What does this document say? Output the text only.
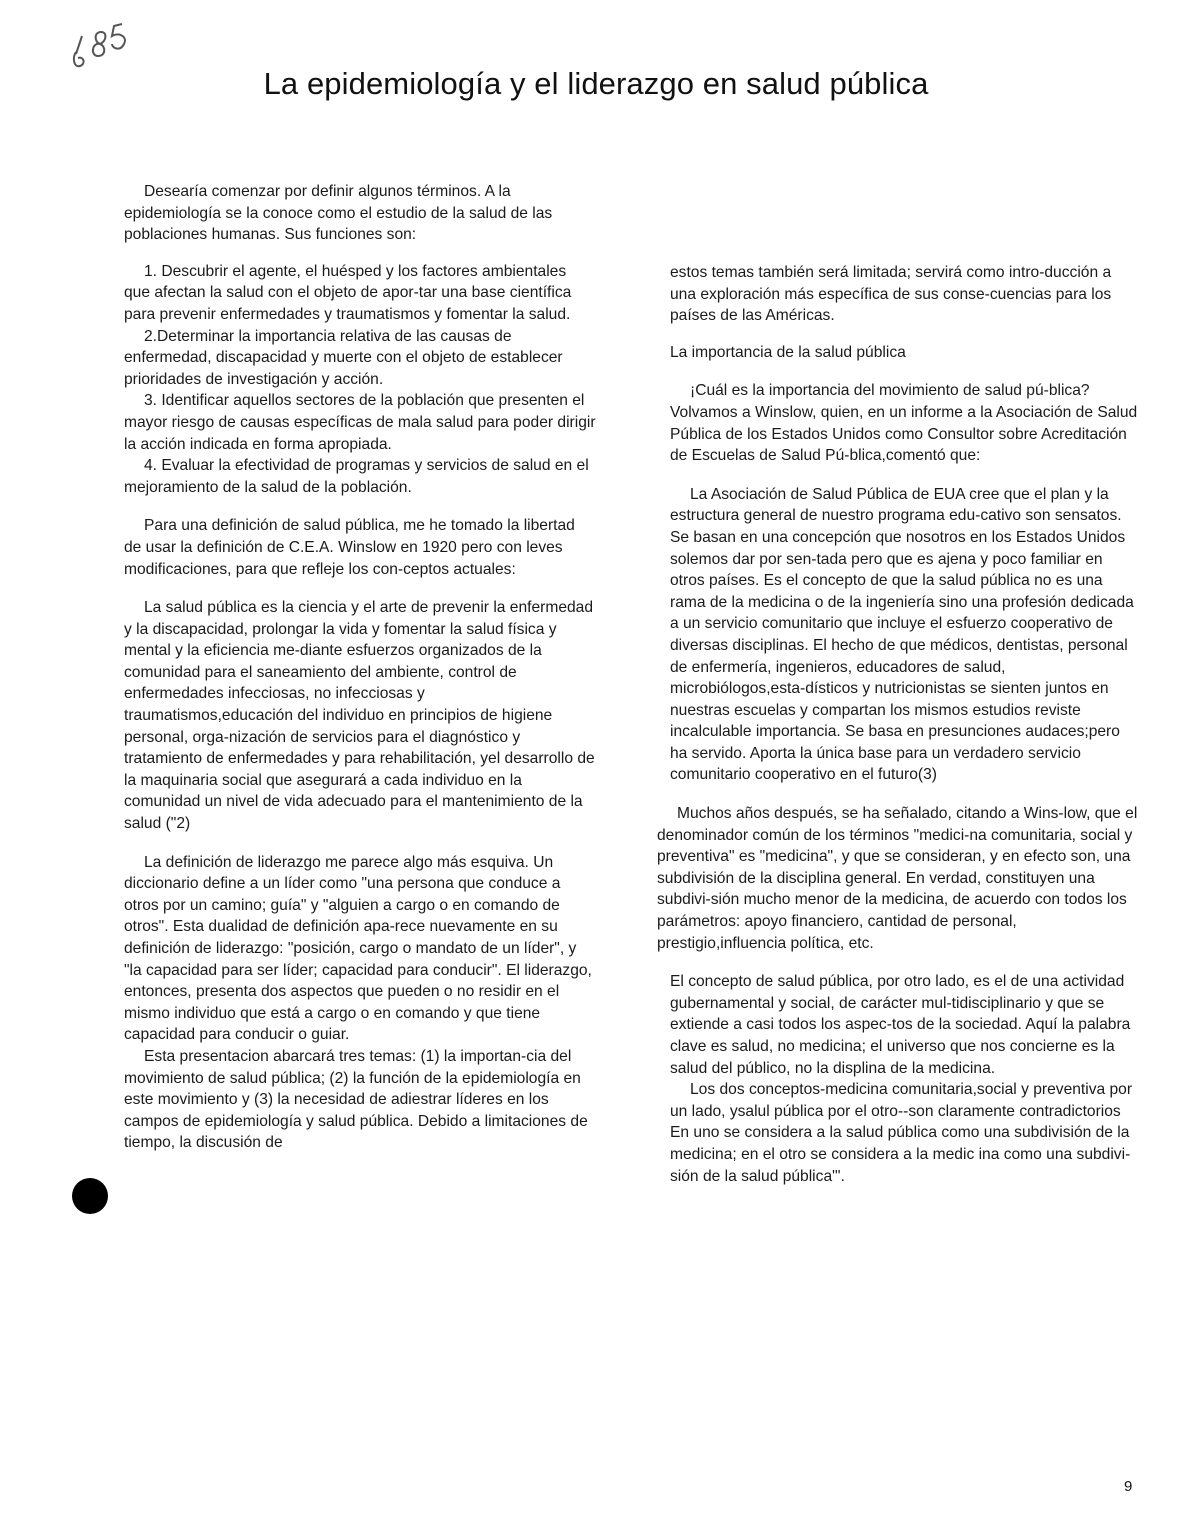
La epidemiología y el liderazgo en salud pública

Desearía comenzar por definir algunos términos. A la epidemiología se la conoce como el estudio de la salud de las poblaciones humanas. Sus funciones son:

1. Descubrir el agente, el huésped y los factores ambientales que afectan la salud con el objeto de apor-tar una base científica para prevenir enfermedades y traumatismos y fomentar la salud.

2.Determinar la importancia relativa de las causas de enfermedad, discapacidad y muerte con el objeto de establecer prioridades de investigación y acción.

3. Identificar aquellos sectores de la población que presenten el mayor riesgo de causas específicas de mala salud para poder dirigir la acción indicada en forma apropiada.

4. Evaluar la efectividad de programas y servicios de salud en el mejoramiento de la salud de la población.

Para una definición de salud pública, me he tomado la libertad de usar la definición de C.E.A. Winslow en 1920 pero con leves modificaciones, para que refleje los con-ceptos actuales:

La salud pública es la ciencia y el arte de prevenir la enfermedad y la discapacidad, prolongar la vida y fomentar la salud física y mental y la eficiencia me-diante esfuerzos organizados de la comunidad para el saneamiento del ambiente, control de enfermedades infecciosas, no infecciosas y traumatismos,educación del individuo en principios de higiene personal, orga-nización de servicios para el diagnóstico y tratamiento de enfermedades y para rehabilitación, yel desarrollo de la maquinaria social que asegurará a cada individuo en la comunidad un nivel de vida adecuado para el mantenimiento de la salud ("2)

La definición de liderazgo me parece algo más esquiva. Un diccionario define a un líder como "una persona que conduce a otros por un camino; guía" y "alguien a cargo o en comando de otros". Esta dualidad de definición apa-rece nuevamente en su definición de liderazgo: "posición, cargo o mandato de un líder", y "la capacidad para ser líder; capacidad para conducir". El liderazgo, entonces, presenta dos aspectos que pueden o no residir en el mismo individuo que está a cargo o en comando y que tiene capacidad para conducir o guiar.

Esta presentacion abarcará tres temas: (1) la importan-cia del movimiento de salud pública; (2) la función de la epidemiología en este movimiento y (3) la necesidad de adiestrar líderes en los campos de epidemiología y salud pública. Debido a limitaciones de tiempo, la discusión de

estos temas también será limitada; servirá como intro-ducción a una exploración más específica de sus conse-cuencias para los países de las Américas.

La importancia de la salud pública

¡Cuál es la importancia del movimiento de salud pú-blica? Volvamos a Winslow, quien, en un informe a la Asociación de Salud Pública de los Estados Unidos como Consultor sobre Acreditación de Escuelas de Salud Pú-blica,comentó que:

La Asociación de Salud Pública de EUA cree que el plan y la estructura general de nuestro programa edu-cativo son sensatos. Se basan en una concepción que nosotros en los Estados Unidos solemos dar por sen-tada pero que es ajena y poco familiar en otros países. Es el concepto de que la salud pública no es una rama de la medicina o de la ingeniería sino una profesión dedicada a un servicio comunitario que incluye el esfuerzo cooperativo de diversas disciplinas. El hecho de que médicos, dentistas, personal de enfermería, ingenieros, educadores de salud, microbiólogos,esta-dísticos y nutricionistas se sienten juntos en nuestras escuelas y compartan los mismos estudios reviste incalculable importancia. Se basa en presunciones audaces;pero ha servido. Aporta la única base para un verdadero servicio comunitario cooperativo en el futuro(3)

Muchos años después, se ha señalado, citando a Wins-low, que el denominador común de los términos "medici-na comunitaria, social y preventiva" es "medicina", y que se consideran, y en efecto son, una subdivisión de la disciplina general. En verdad, constituyen una subdivi-sión mucho menor de la medicina, de acuerdo con todos los parámetros: apoyo financiero, cantidad de personal, prestigio,influencia política, etc.

El concepto de salud pública, por otro lado, es el de una actividad gubernamental y social, de carácter mul-tidisciplinario y que se extiende a casi todos los aspec-tos de la sociedad. Aquí la palabra clave es salud, no medicina; el universo que nos concierne es la salud del público, no la displina de la medicina.

Los dos conceptos-medicina comunitaria,social y preventiva por un lado, ysalul pública por el otro--son claramente contradictorios En uno se considera a la salud pública como una subdivisión de la medicina; en el otro se considera a la medic ina como una subdivi-sión de la salud pública"'.

9
